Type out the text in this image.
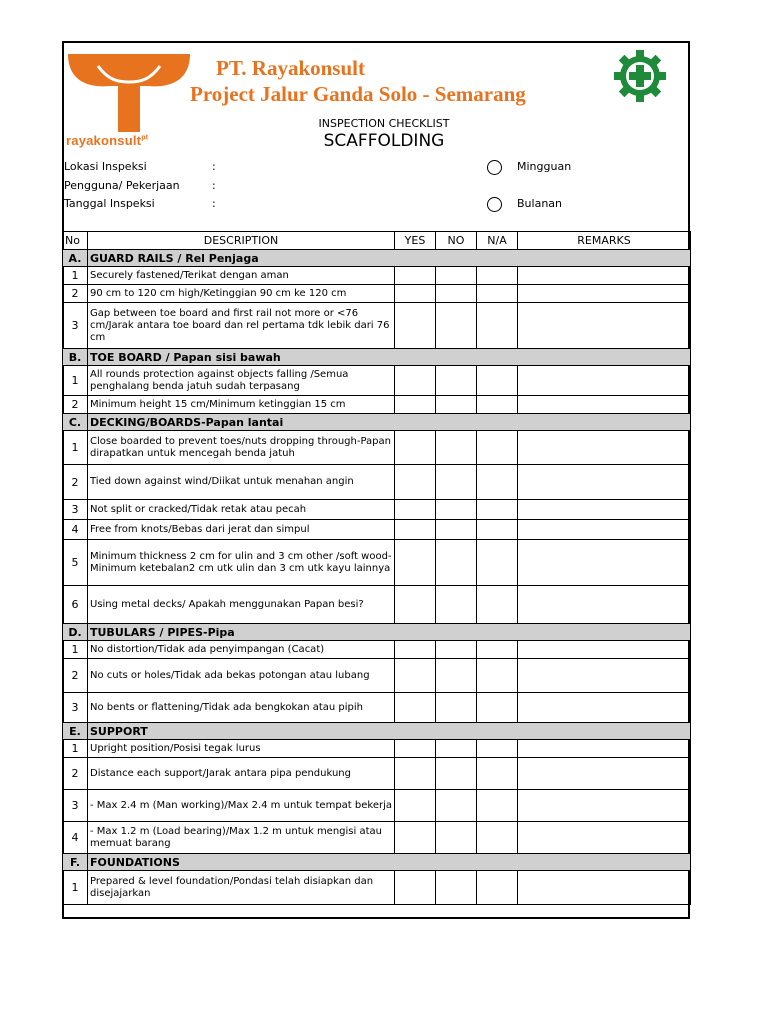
rayakonsult$^{pt}$
PT. Rayakonsult
Project Jalur Ganda Solo - Semarang
INSPECTION CHECKLIST
SCAFFOLDING
Lokasi Inspeksi
Pengguna/ Pekerjaan
Tanggal Inspeksi
:
:
:
Mingguan
Bulanan
No	DESCRIPTION	YES	NO	N/A	REMARKS
A.	GUARD RAILS / Rel Penjaga				
1	Securely fastened/Terikat dengan aman				
2	90 cm to 120 cm high/Ketinggian 90 cm ke 120 cm				
3	Gap between toe board and first rail not more or <76 cm/Jarak antara toe board dan rel pertama tdk lebik dari 76 cm				
B.	TOE BOARD / Papan sisi bawah				
1	All rounds protection against objects falling /Semua penghalang benda jatuh sudah terpasang				
2	Minimum height 15 cm/Minimum ketinggian 15 cm				
C.	DECKING/BOARDS-Papan lantai				
1	Close boarded to prevent toes/nuts dropping through-Papan dirapatkan untuk mencegah benda jatuh				
2	Tied down against wind/Diikat untuk menahan angin				
3	Not split or cracked/Tidak retak atau pecah				
4	Free from knots/Bebas dari jerat dan simpul				
5	Minimum thickness 2 cm for ulin and 3 cm other /soft wood-Minimum ketebalan2 cm utk ulin dan 3 cm utk kayu lainnya				
6	Using metal decks/ Apakah menggunakan Papan besi?				
D.	TUBULARS / PIPES-Pipa				
1	No distortion/Tidak ada penyimpangan (Cacat)				
2	No cuts or holes/Tidak ada bekas potongan atau lubang				
3	No bents or flattening/Tidak ada bengkokan atau pipih				
E.	SUPPORT				
1	Upright position/Posisi tegak lurus				
2	Distance each support/Jarak antara pipa pendukung				
3	- Max 2.4 m (Man working)/Max 2.4 m untuk tempat bekerja				
4	- Max 1.2 m (Load bearing)/Max 1.2 m untuk mengisi atau memuat barang				
F.	FOUNDATIONS				
1	Prepared & level foundation/Pondasi telah disiapkan dan disejajarkan				
